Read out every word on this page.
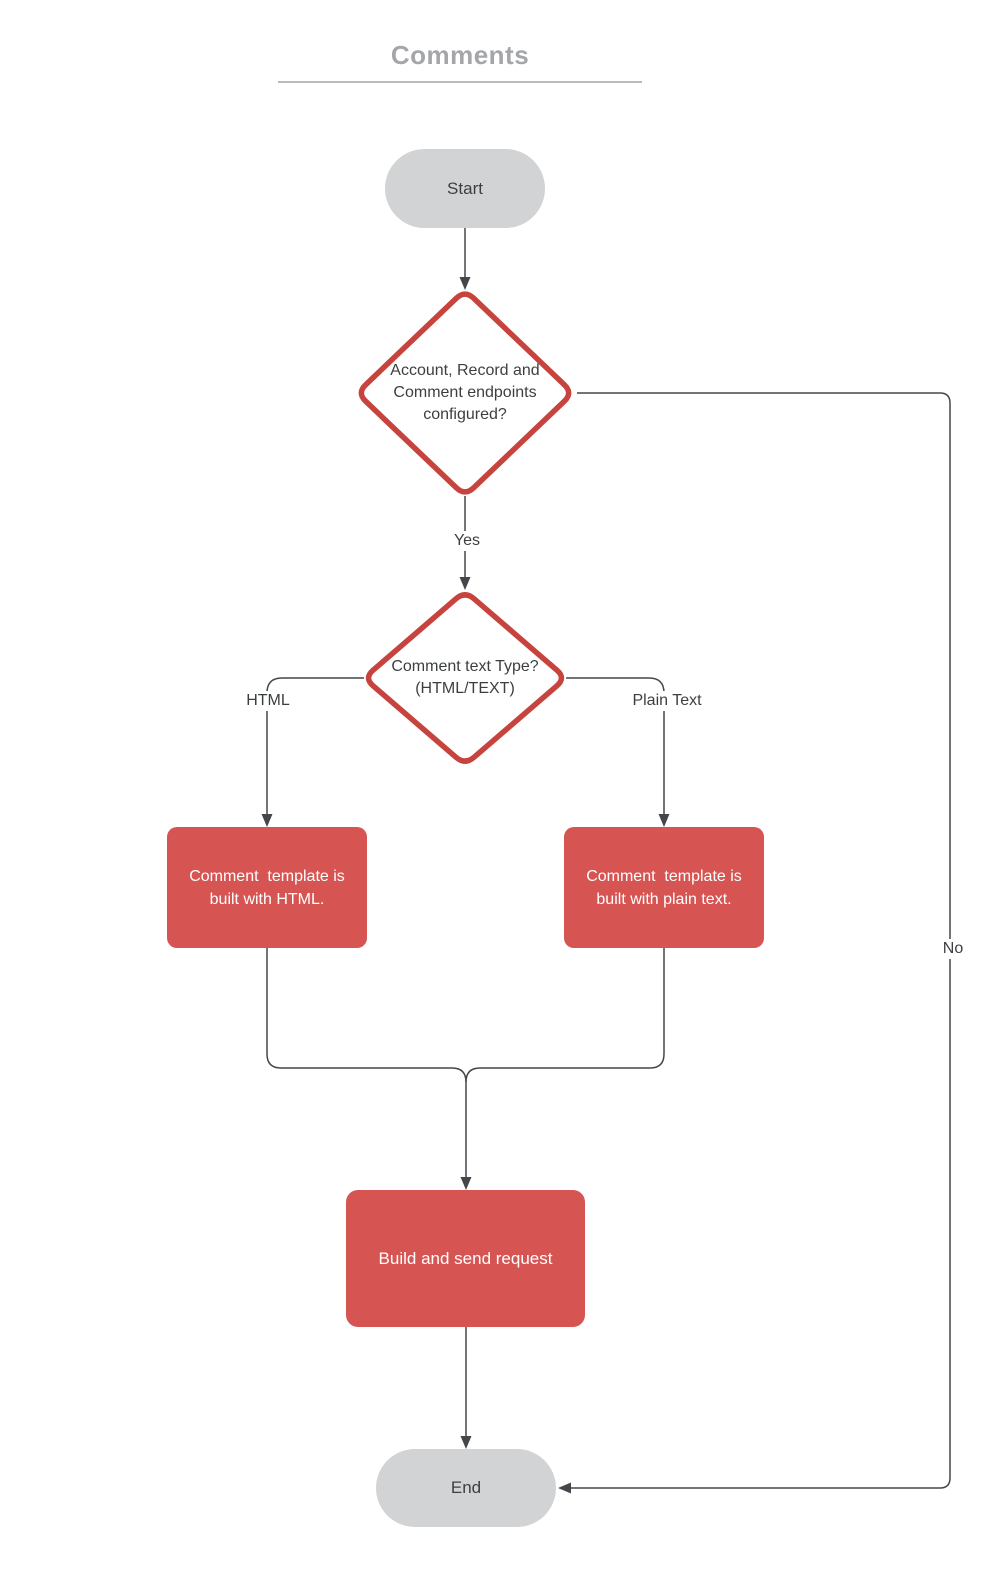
Comments
Start
Account, Record and Comment endpoints configured?
Yes
No
Comment text Type? (HTML/TEXT)
HTML	Plain Text
Comment  template is built with HTML.
Comment  template is built with plain text.
Build and send request
End
